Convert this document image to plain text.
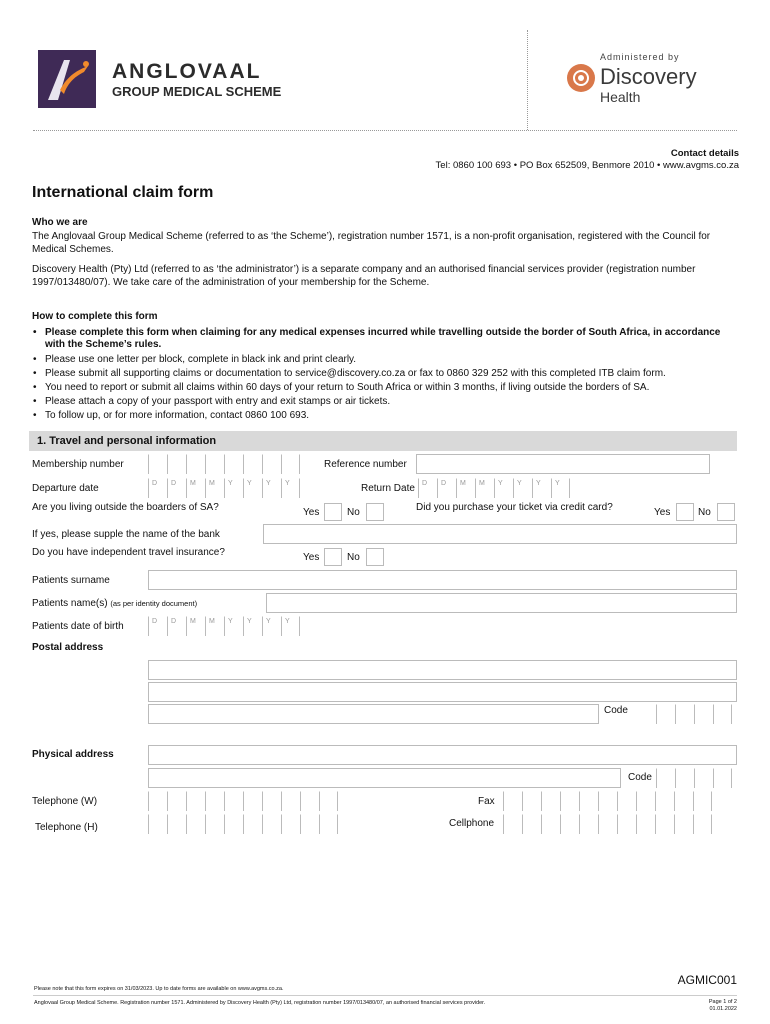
ANGLOVAAL
GROUP MEDICAL SCHEME
Administered by
Discovery
Health
Contact details
Tel: 0860 100 693 • PO Box 652509, Benmore 2010 • www.avgms.co.za
International claim form
Who we are
The Anglovaal Group Medical Scheme (referred to as ‘the Scheme’), registration number 1571, is a non-profit organisation, registered with the Council for Medical Schemes.
Discovery Health (Pty) Ltd (referred to as ‘the administrator’) is a separate company and an authorised financial services provider (registration number 1997/013480/07). We take care of the administration of your membership for the Scheme.
How to complete this form
• Please complete this form when claiming for any medical expenses incurred while travelling outside the border of South Africa, in accordance with the Scheme’s rules.
• Please use one letter per block, complete in black ink and print clearly.
• Please submit all supporting claims or documentation to service@discovery.co.za or fax to 0860 329 252 with this completed ITB claim form.
• You need to report or submit all claims within 60 days of your return to South Africa or within 3 months, if living outside the borders of SA.
• Please attach a copy of your passport with entry and exit stamps or air tickets.
• To follow up, or for more information, contact 0860 100 693.
1. Travel and personal information
Membership number	Reference number
Departure date	D D M M Y Y Y Y	Return Date D D M M Y Y Y Y
Are you living outside the boarders of SA?	Yes	No	Did you purchase your ticket via credit card?	Yes	No
If yes, please supple the name of the bank
Do you have independent travel insurance?	Yes	No
Patients surname
Patients name(s) (as per identity document)
Patients date of birth	D D M M Y Y Y Y
Postal address
Code
Physical address
Code
Telephone (W)	Fax
Telephone (H)	Cellphone
AGMIC001
Please note that this form expires on 31/03/2023. Up to date forms are available on www.avgms.co.za.
Anglovaal Group Medical Scheme. Registration number 1571. Administered by Discovery Health (Pty) Ltd, registration number 1997/013480/07, an authorised financial services provider.	Page 1 of 2
01.01.2022
